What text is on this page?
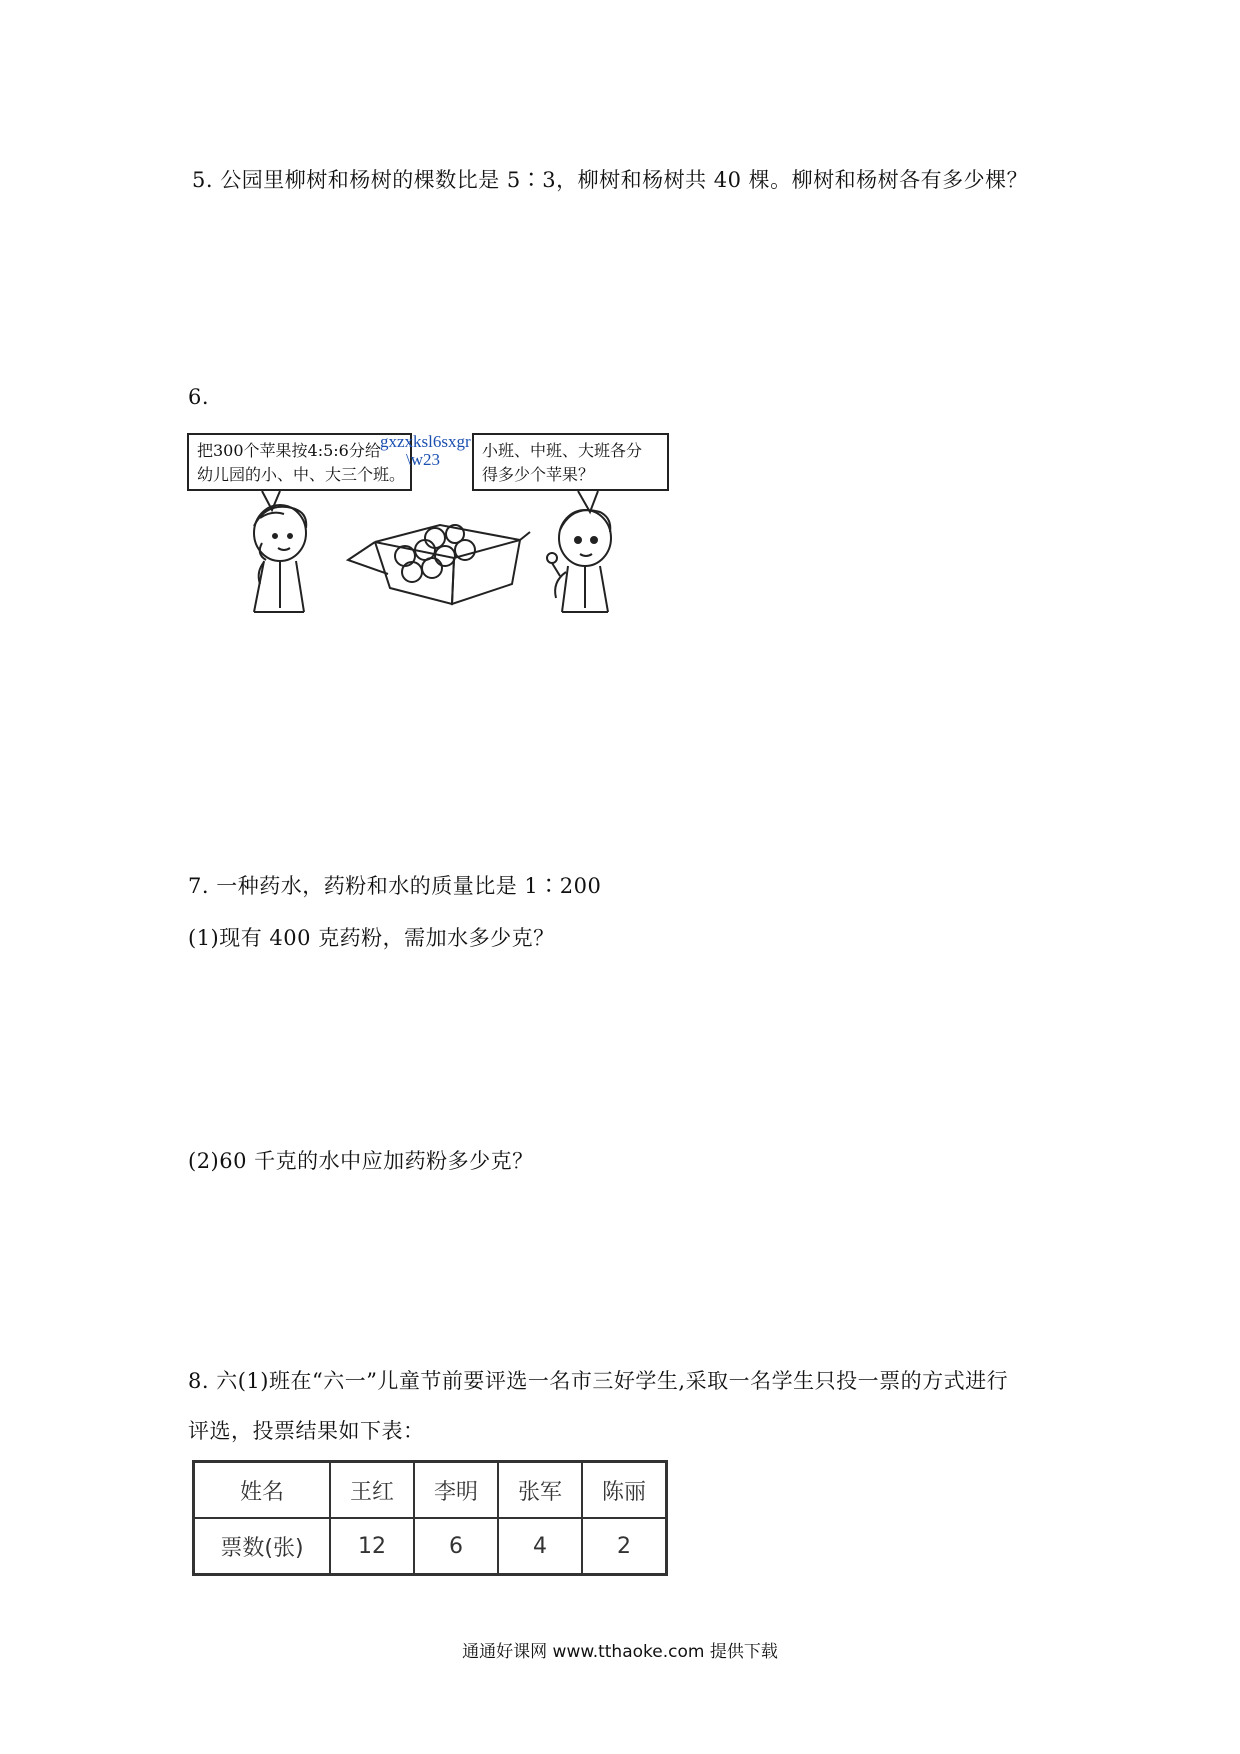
5. 公园里柳树和杨树的棵数比是 5∶3，柳树和杨树共 40 棵。柳树和杨树各有多少棵？
6.
把300个苹果按4:5:6分给
幼儿园的小、中、大三个班。
gxzxksl6sxgr
\w23	小班、中班、大班各分
得多少个苹果？
7. 一种药水，药粉和水的质量比是 1∶200
(1)现有 400 克药粉，需加水多少克？
(2)60 千克的水中应加药粉多少克？
8. 六(1)班在“六一”儿童节前要评选一名市三好学生,采取一名学生只投一票的方式进行
评选，投票结果如下表：
姓名	王红	李明	张军	陈丽
票数(张)	12	6	4	2
通通好课网 www.tthaoke.com 提供下载
